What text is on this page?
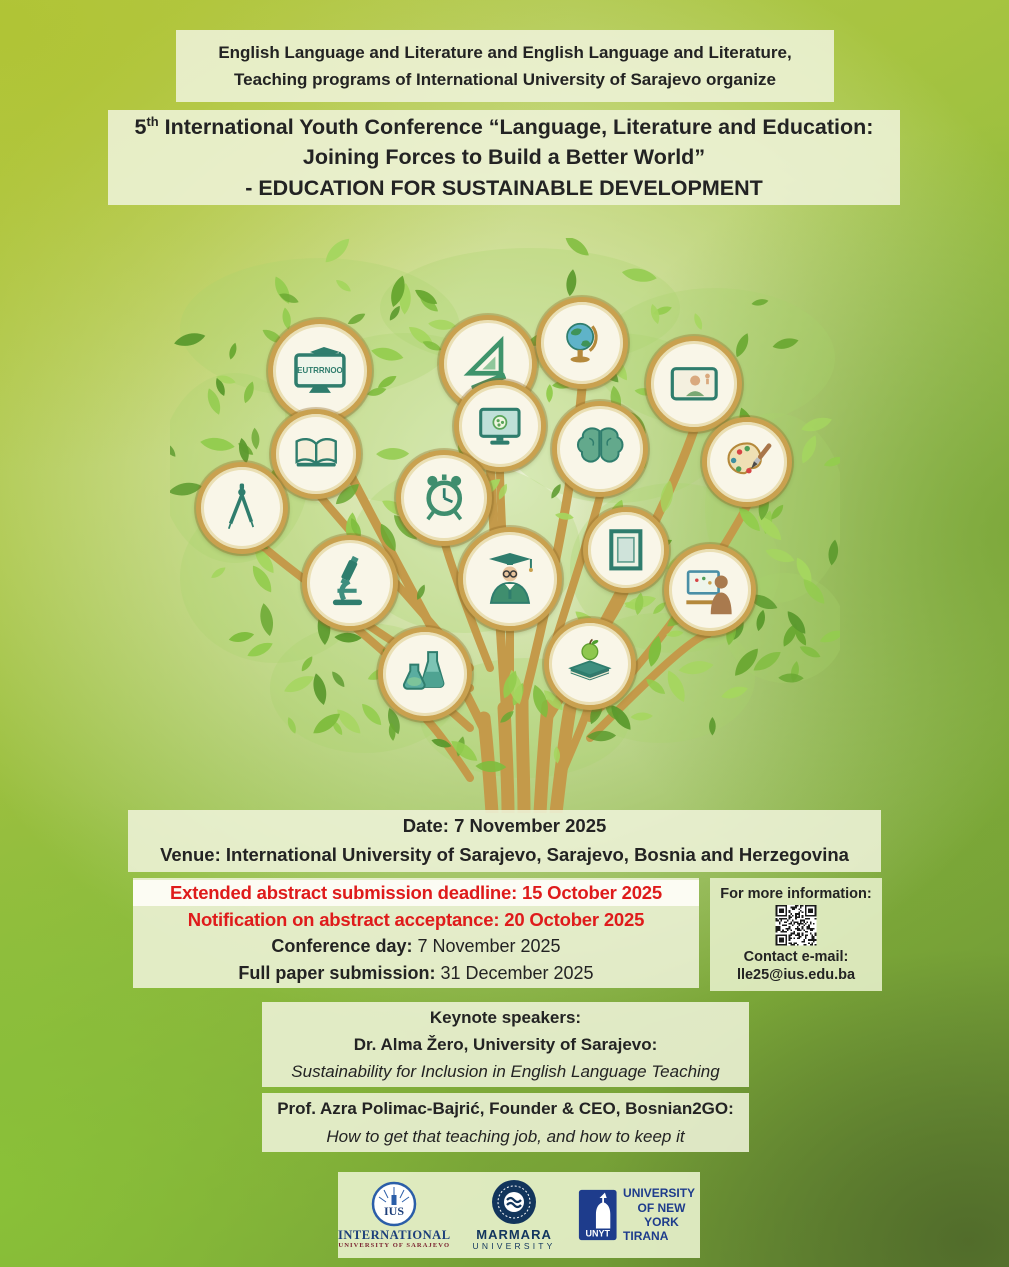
English Language and Literature and English Language and Literature,
Teaching programs of International University of Sarajevo organize
5th International Youth Conference “Language, Literature and Education:
Joining Forces to Build a Better World”
- EDUCATION FOR SUSTAINABLE DEVELOPMENT
EUTRRNOO
Date: 7 November 2025
Venue: International University of Sarajevo, Sarajevo, Bosnia and Herzegovina
Extended abstract submission deadline: 15 October 2025
Notification on abstract acceptance: 20 October 2025
Conference day: 7 November 2025
Full paper submission: 31 December 2025
For more information:
Contact e-mail:
lle25@ius.edu.ba
Keynote speakers:
Dr. Alma Žero, University of Sarajevo:
Sustainability for Inclusion in English Language Teaching
Prof. Azra Polimac-Bajrić, Founder & CEO, Bosnian2GO:
How to get that teaching job, and how to keep it
IUS
INTERNATIONAL
UNIVERSITY OF SARAJEVO
MARMARA
UNIVERSITY
UNYT
UNIVERSITY
OF NEW YORK
TIRANA
